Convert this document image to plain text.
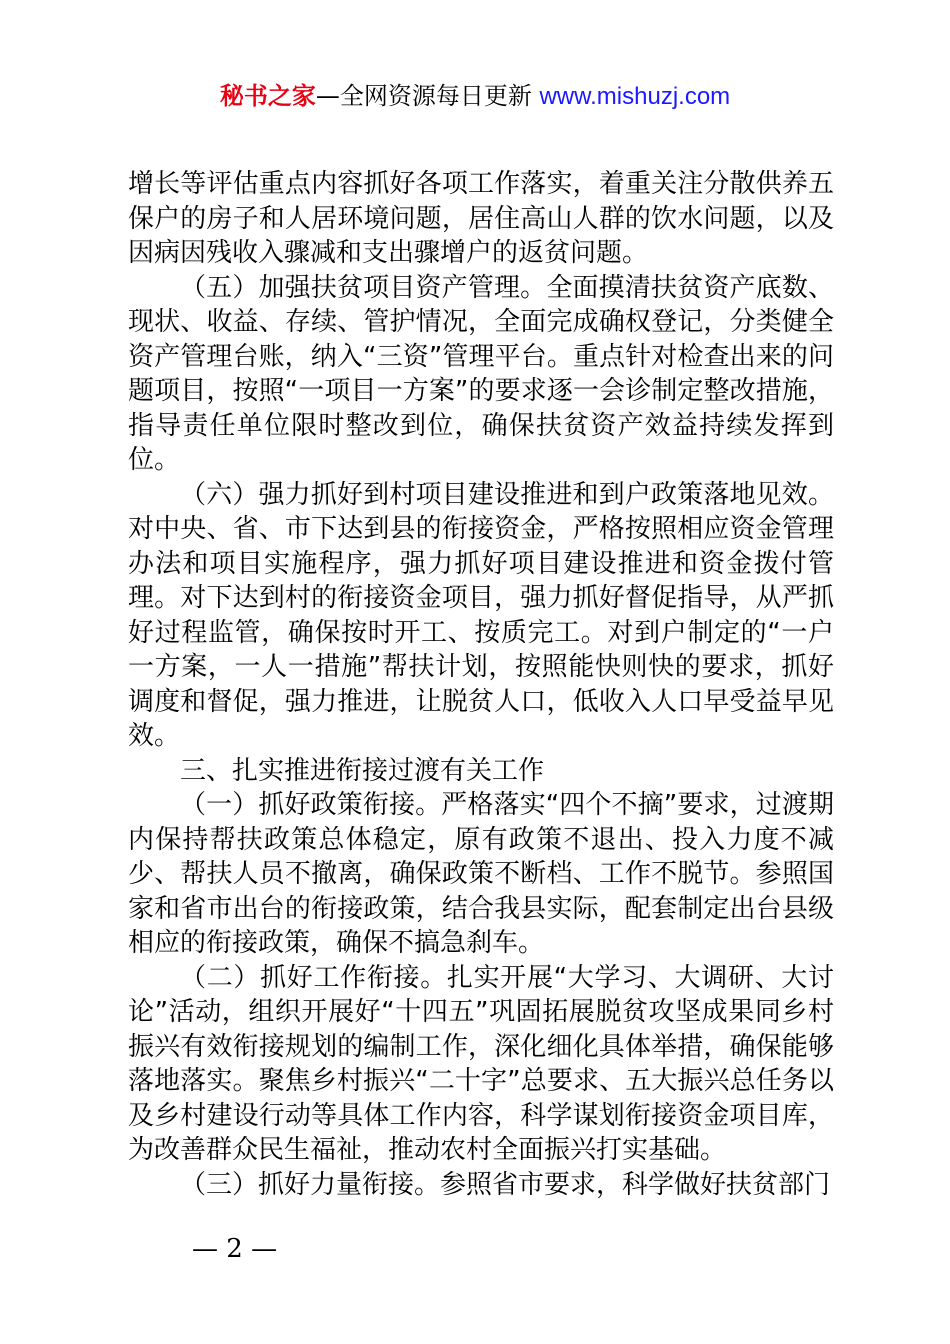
秘书之家—全网资源每日更新 www.mishuzj.com

增长等评估重点内容抓好各项工作落实，着重关注分散供养五保户的房子和人居环境问题，居住高山人群的饮水问题，以及因病因残收入骤减和支出骤增户的返贫问题。

（五）加强扶贫项目资产管理。全面摸清扶贫资产底数、现状、收益、存续、管护情况，全面完成确权登记，分类健全资产管理台账，纳入“三资”管理平台。重点针对检查出来的问题项目，按照“一项目一方案”的要求逐一会诊制定整改措施，指导责任单位限时整改到位，确保扶贫资产效益持续发挥到位。

（六）强力抓好到村项目建设推进和到户政策落地见效。对中央、省、市下达到县的衔接资金，严格按照相应资金管理办法和项目实施程序，强力抓好项目建设推进和资金拨付管理。对下达到村的衔接资金项目，强力抓好督促指导，从严抓好过程监管，确保按时开工、按质完工。对到户制定的“一户一方案，一人一措施”帮扶计划，按照能快则快的要求，抓好调度和督促，强力推进，让脱贫人口，低收入人口早受益早见效。

三、扎实推进衔接过渡有关工作

（一）抓好政策衔接。严格落实“四个不摘”要求，过渡期内保持帮扶政策总体稳定，原有政策不退出、投入力度不减少、帮扶人员不撤离，确保政策不断档、工作不脱节。参照国家和省市出台的衔接政策，结合我县实际，配套制定出台县级相应的衔接政策，确保不搞急刹车。

（二）抓好工作衔接。扎实开展“大学习、大调研、大讨论”活动，组织开展好“十四五”巩固拓展脱贫攻坚成果同乡村振兴有效衔接规划的编制工作，深化细化具体举措，确保能够落地落实。聚焦乡村振兴“二十字”总要求、五大振兴总任务以及乡村建设行动等具体工作内容，科学谋划衔接资金项目库，为改善群众民生福祉，推动农村全面振兴打实基础。

（三）抓好力量衔接。参照省市要求，科学做好扶贫部门

— 2 —
